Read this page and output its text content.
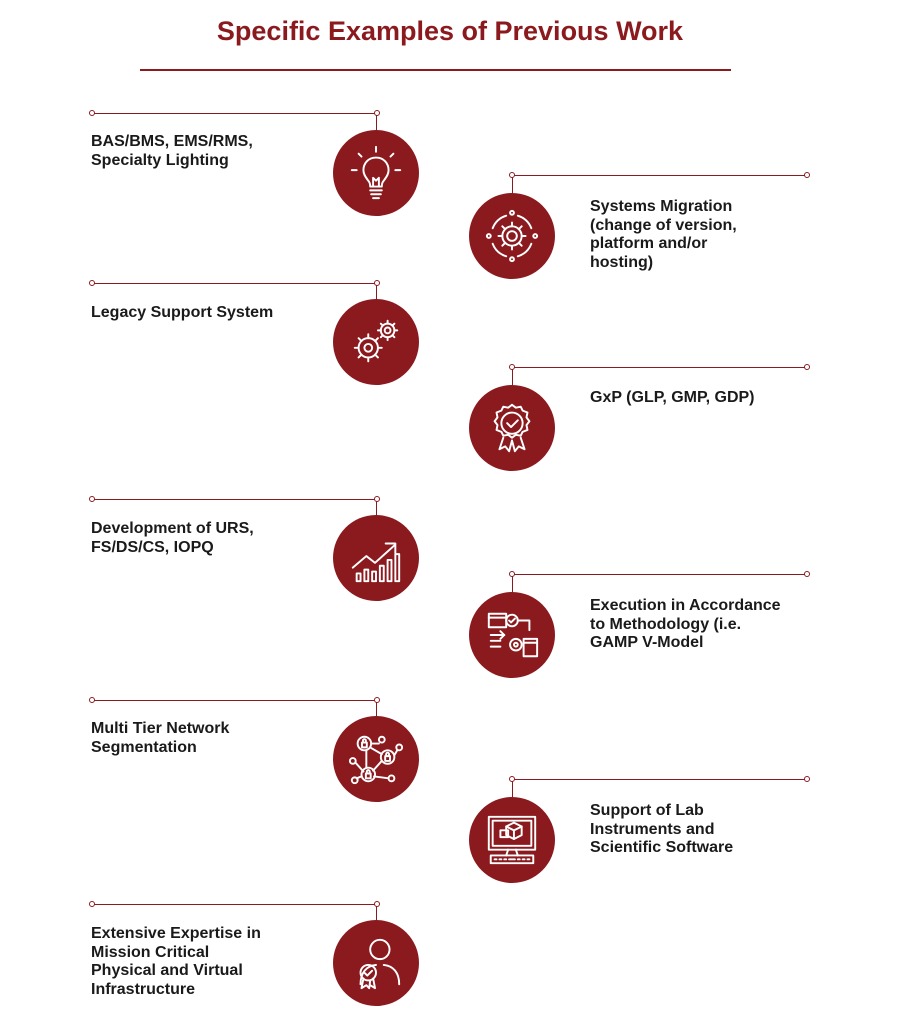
Specific Examples of Previous Work
BAS/BMS, EMS/RMS,
Specialty Lighting
Systems Migration
(change of version,
platform and/or
hosting)
Legacy Support System
GxP (GLP, GMP, GDP)
Development of URS,
FS/DS/CS, IOPQ
Execution in Accordance
to Methodology (i.e.
GAMP V-Model
Multi Tier Network
Segmentation
Support of Lab
Instruments and
Scientific Software
Extensive Expertise in
Mission Critical
Physical and Virtual
Infrastructure
